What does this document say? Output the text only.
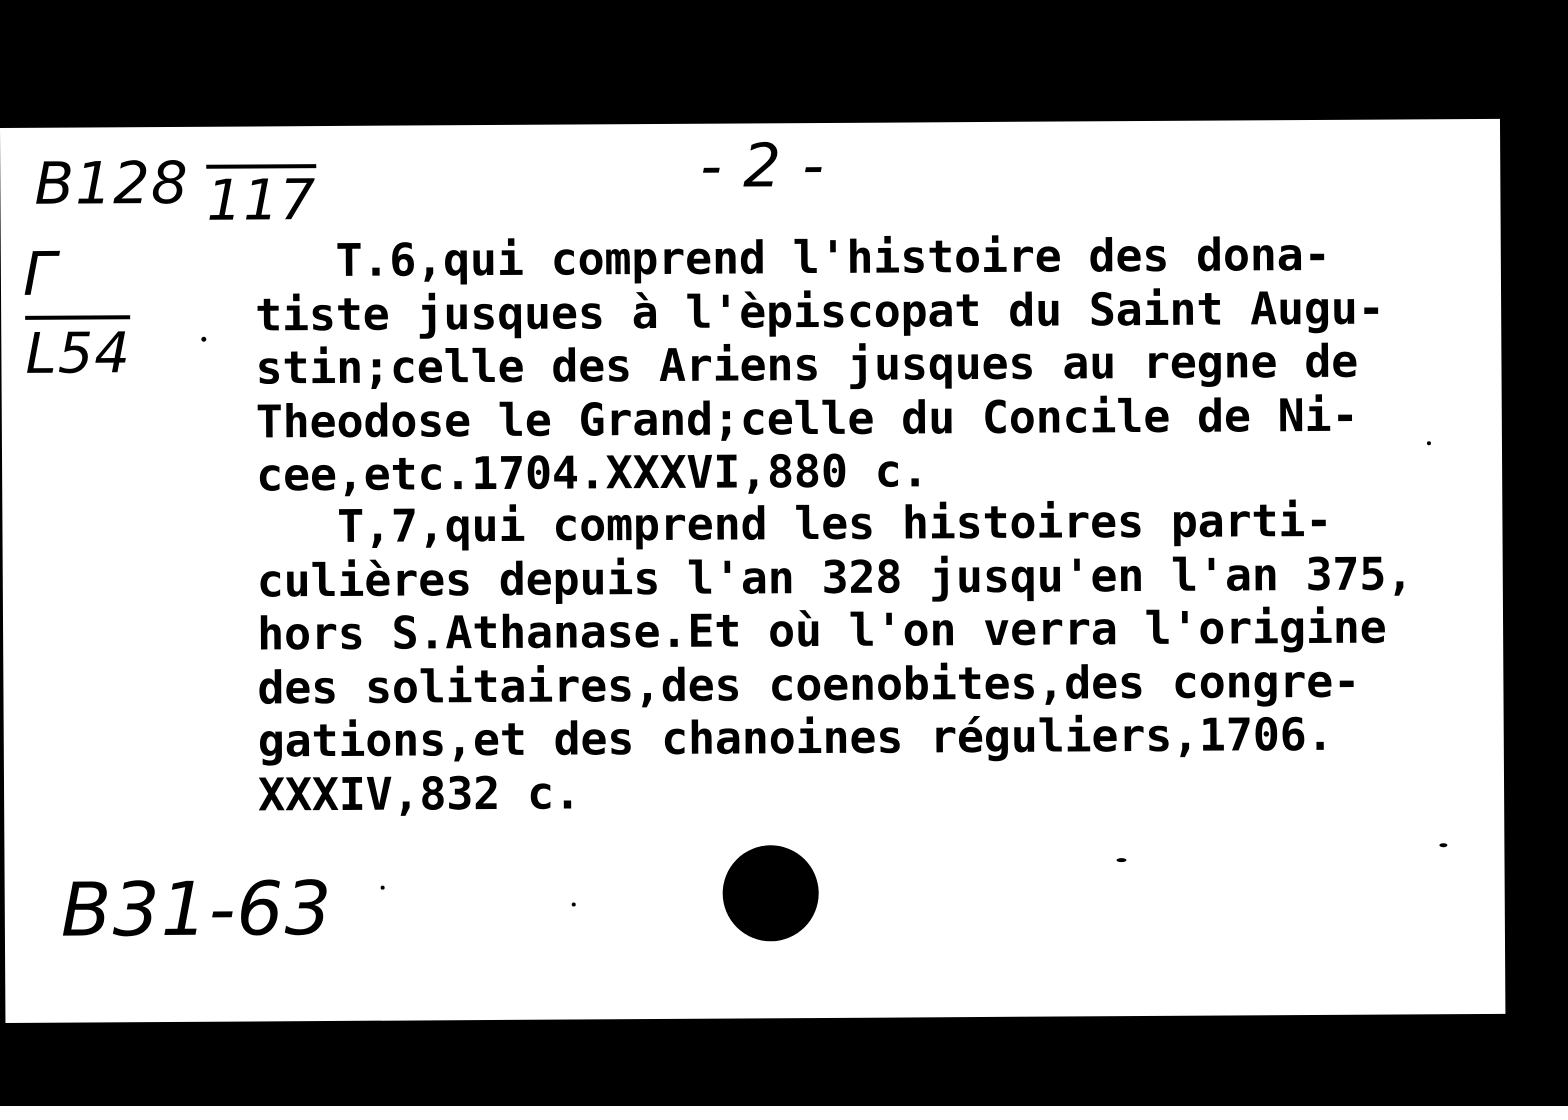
B128 117
Г
L54
- 2 -
T.6,qui comprend l'histoire des dona-
tiste jusques à l'èpiscopat du Saint Augu-
stin;celle des Ariens jusques au regne de
Theodose le Grand;celle du Concile de Ni-
cee,etc.1704.XXXVI,880 c.
T,7,qui comprend les histoires parti-
culières depuis l'an 328 jusqu'en l'an 375,
hors S.Athanase.Et où l'on verra l'origine
des solitaires,des coenobites,des congre-
gations,et des chanoines réguliers,1706.
XXXIV,832 c.
B31-63
